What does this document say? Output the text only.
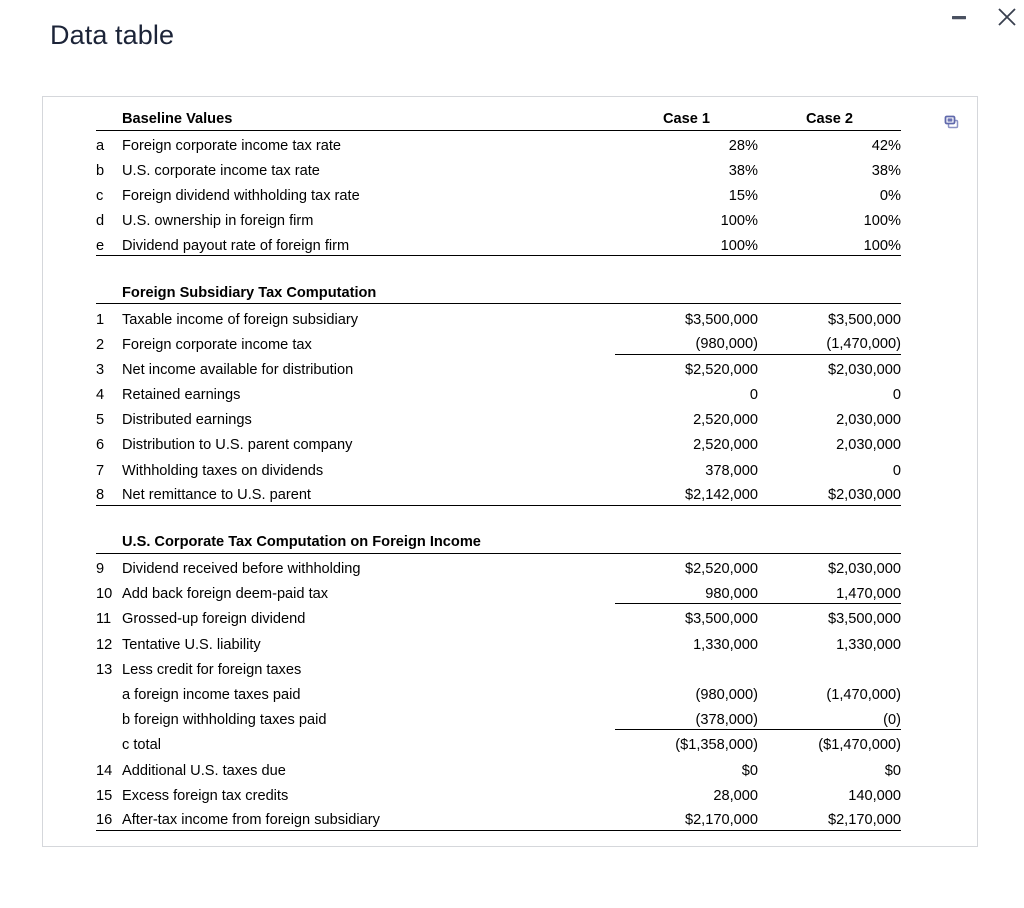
Data table
	Baseline Values	Case 1	Case 2
a	Foreign corporate income tax rate	28%	42%
b	U.S. corporate income tax rate	38%	38%
c	Foreign dividend withholding tax rate	15%	0%
d	U.S. ownership in foreign firm	100%	100%
e	Dividend payout rate of foreign firm	100%	100%

	Foreign Subsidiary Tax Computation		
1	Taxable income of foreign subsidiary	$3,500,000	$3,500,000
2	Foreign corporate income tax	(980,000)	(1,470,000)
3	Net income available for distribution	$2,520,000	$2,030,000
4	Retained earnings	0	0
5	Distributed earnings	2,520,000	2,030,000
6	Distribution to U.S. parent company	2,520,000	2,030,000
7	Withholding taxes on dividends	378,000	0
8	Net remittance to U.S. parent	$2,142,000	$2,030,000

	U.S. Corporate Tax Computation on Foreign Income		
9	Dividend received before withholding	$2,520,000	$2,030,000
10	Add back foreign deem-paid tax	980,000	1,470,000
11	Grossed-up foreign dividend	$3,500,000	$3,500,000
12	Tentative U.S. liability	1,330,000	1,330,000
13	Less credit for foreign taxes		
	a foreign income taxes paid	(980,000)	(1,470,000)
	b foreign withholding taxes paid	(378,000)	(0)
	c total	($1,358,000)	($1,470,000)
14	Additional U.S. taxes due	$0	$0
15	Excess foreign tax credits	28,000	140,000
16	After-tax income from foreign subsidiary	$2,170,000	$2,170,000
